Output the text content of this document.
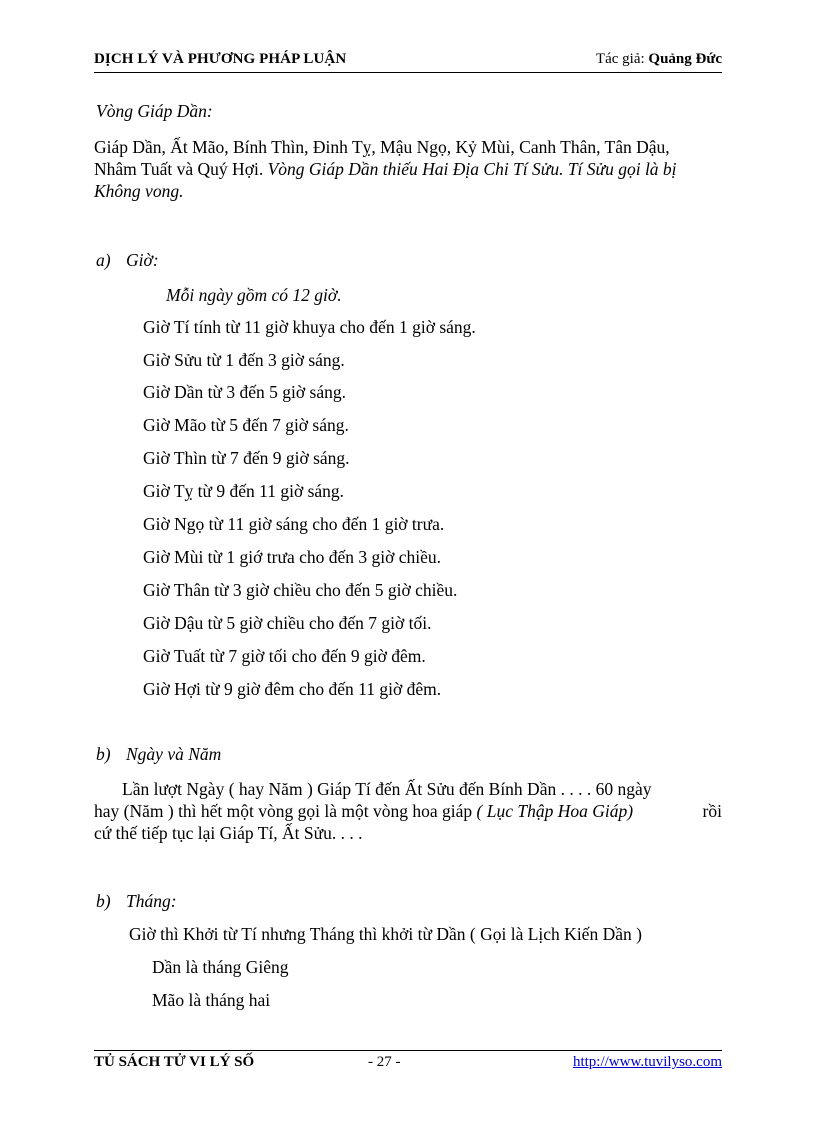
DỊCH LÝ VÀ PHƯƠNG PHÁP LUẬN	Tác giả: Quảng Đức
Vòng Giáp Dần:
Giáp Dần, Ất Mão, Bính Thìn, Đinh Tỵ, Mậu Ngọ, Kỷ Mùi, Canh Thân, Tân Dậu,
Nhâm Tuất và Quý Hợi. Vòng Giáp Dần thiếu Hai Địa Chi Tí Sửu. Tí Sửu gọi là bị
Không vong.
a) Giờ:
Mỗi ngày gồm có 12 giờ.
Giờ Tí tính từ 11 giờ khuya cho đến 1 giờ sáng.
Giờ Sửu từ 1 đến 3 giờ sáng.
Giờ Dần từ 3 đến 5 giờ sáng.
Giờ Mão từ 5 đến 7 giờ sáng.
Giờ Thìn từ 7 đến 9 giờ sáng.
Giờ Tỵ từ 9 đến 11 giờ sáng.
Giờ Ngọ từ 11 giờ sáng cho đến 1 giờ trưa.
Giờ Mùi từ 1 giớ trưa cho đến 3 giờ chiều.
Giờ Thân từ 3 giờ chiều cho đến 5 giờ chiều.
Giờ Dậu từ 5 giờ chiều cho đến 7 giờ tối.
Giờ Tuất từ 7 giờ tối cho đến 9 giờ đêm.
Giờ Hợi từ 9 giờ đêm cho đến 11 giờ đêm.
b) Ngày và Năm
Lần lượt Ngày ( hay Năm ) Giáp Tí đến Ất Sửu đến Bính Dần . . . . 60 ngày
hay (Năm ) thì hết một vòng gọi là một vòng hoa giáp ( Lục Thập Hoa Giáp)	rồi
cứ thế tiếp tục lại Giáp Tí, Ất Sửu. . . .
b) Tháng:
Giờ thì Khởi từ Tí nhưng Tháng thì khởi từ Dần ( Gọi là Lịch Kiến Dần )
Dần là tháng Giêng
Mão là tháng hai
TỦ SÁCH TỬ VI LÝ SỐ	- 27 -	http://www.tuvilyso.com
